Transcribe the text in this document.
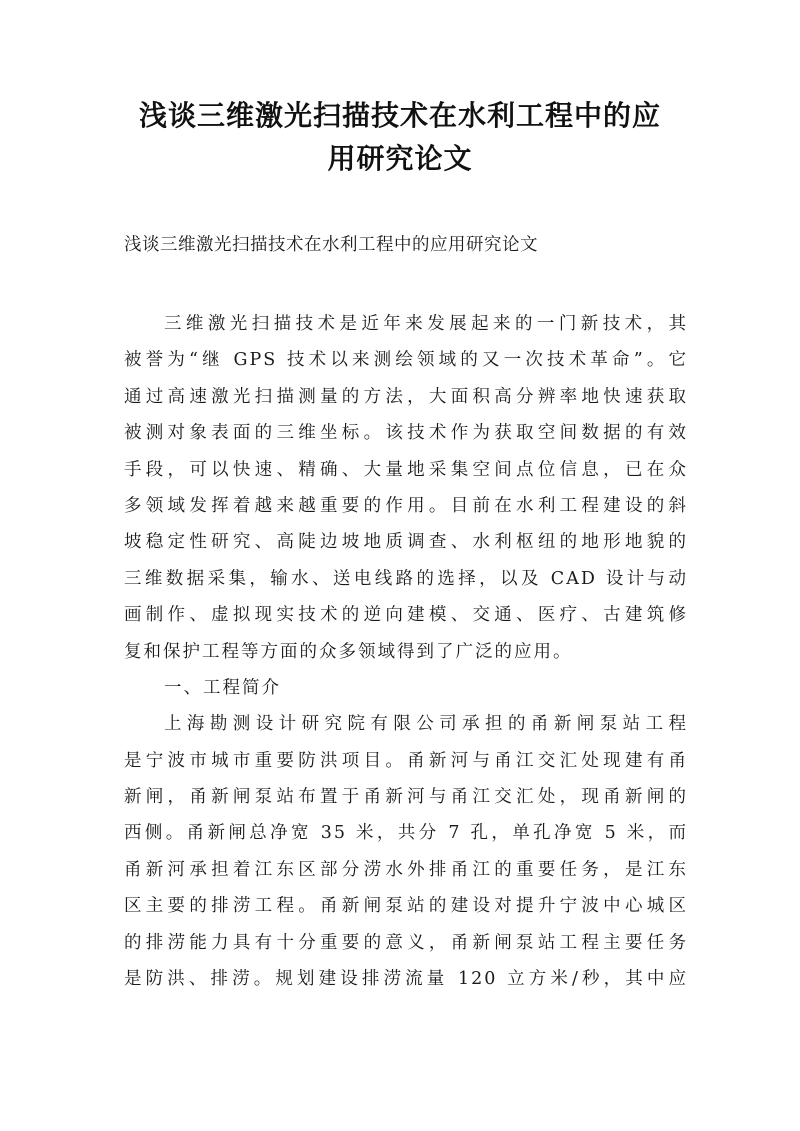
浅谈三维激光扫描技术在水利工程中的应
用研究论文
浅谈三维激光扫描技术在水利工程中的应用研究论文
三维激光扫描技术是近年来发展起来的一门新技术，其
被誉为“继 GPS 技术以来测绘领域的又一次技术革命”。它
通过高速激光扫描测量的方法，大面积高分辨率地快速获取
被测对象表面的三维坐标。该技术作为获取空间数据的有效
手段，可以快速、精确、大量地采集空间点位信息，已在众
多领域发挥着越来越重要的作用。目前在水利工程建设的斜
坡稳定性研究、高陡边坡地质调查、水利枢纽的地形地貌的
三维数据采集，输水、送电线路的选择，以及 CAD 设计与动
画制作、虚拟现实技术的逆向建模、交通、医疗、古建筑修
复和保护工程等方面的众多领域得到了广泛的应用。
一、工程简介
上海勘测设计研究院有限公司承担的甬新闸泵站工程
是宁波市城市重要防洪项目。甬新河与甬江交汇处现建有甬
新闸，甬新闸泵站布置于甬新河与甬江交汇处，现甬新闸的
西侧。甬新闸总净宽 35 米，共分 7 孔，单孔净宽 5 米，而
甬新河承担着江东区部分涝水外排甬江的重要任务，是江东
区主要的排涝工程。甬新闸泵站的建设对提升宁波中心城区
的排涝能力具有十分重要的意义，甬新闸泵站工程主要任务
是防洪、排涝。规划建设排涝流量 120 立方米/秒，其中应
